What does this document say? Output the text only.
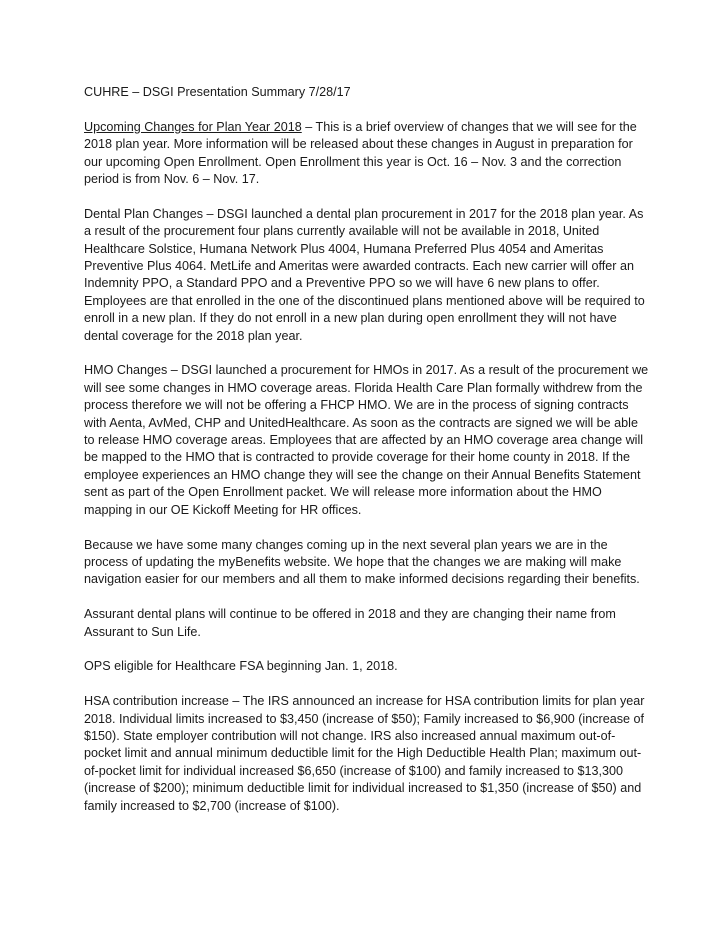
CUHRE – DSGI Presentation Summary 7/28/17

Upcoming Changes for Plan Year 2018 – This is a brief overview of changes that we will see for the 2018 plan year. More information will be released about these changes in August in preparation for our upcoming Open Enrollment. Open Enrollment this year is Oct. 16 – Nov. 3 and the correction period is from Nov. 6 – Nov. 17.

Dental Plan Changes – DSGI launched a dental plan procurement in 2017 for the 2018 plan year. As a result of the procurement four plans currently available will not be available in 2018, United Healthcare Solstice, Humana Network Plus 4004, Humana Preferred Plus 4054 and Ameritas Preventive Plus 4064. MetLife and Ameritas were awarded contracts. Each new carrier will offer an Indemnity PPO, a Standard PPO and a Preventive PPO so we will have 6 new plans to offer. Employees are that enrolled in the one of the discontinued plans mentioned above will be required to enroll in a new plan. If they do not enroll in a new plan during open enrollment they will not have dental coverage for the 2018 plan year.

HMO Changes – DSGI launched a procurement for HMOs in 2017. As a result of the procurement we will see some changes in HMO coverage areas. Florida Health Care Plan formally withdrew from the process therefore we will not be offering a FHCP HMO. We are in the process of signing contracts with Aenta, AvMed, CHP and UnitedHealthcare. As soon as the contracts are signed we will be able to release HMO coverage areas. Employees that are affected by an HMO coverage area change will be mapped to the HMO that is contracted to provide coverage for their home county in 2018. If the employee experiences an HMO change they will see the change on their Annual Benefits Statement sent as part of the Open Enrollment packet. We will release more information about the HMO mapping in our OE Kickoff Meeting for HR offices.

Because we have some many changes coming up in the next several plan years we are in the process of updating the myBenefits website. We hope that the changes we are making will make navigation easier for our members and all them to make informed decisions regarding their benefits.

Assurant dental plans will continue to be offered in 2018 and they are changing their name from Assurant to Sun Life.

OPS eligible for Healthcare FSA beginning Jan. 1, 2018.

HSA contribution increase – The IRS announced an increase for HSA contribution limits for plan year 2018. Individual limits increased to $3,450 (increase of $50); Family increased to $6,900 (increase of $150). State employer contribution will not change. IRS also increased annual maximum out-of-pocket limit and annual minimum deductible limit for the High Deductible Health Plan; maximum out-of-pocket limit for individual increased $6,650 (increase of $100) and family increased to $13,300 (increase of $200); minimum deductible limit for individual increased to $1,350 (increase of $50) and family increased to $2,700 (increase of $100).
